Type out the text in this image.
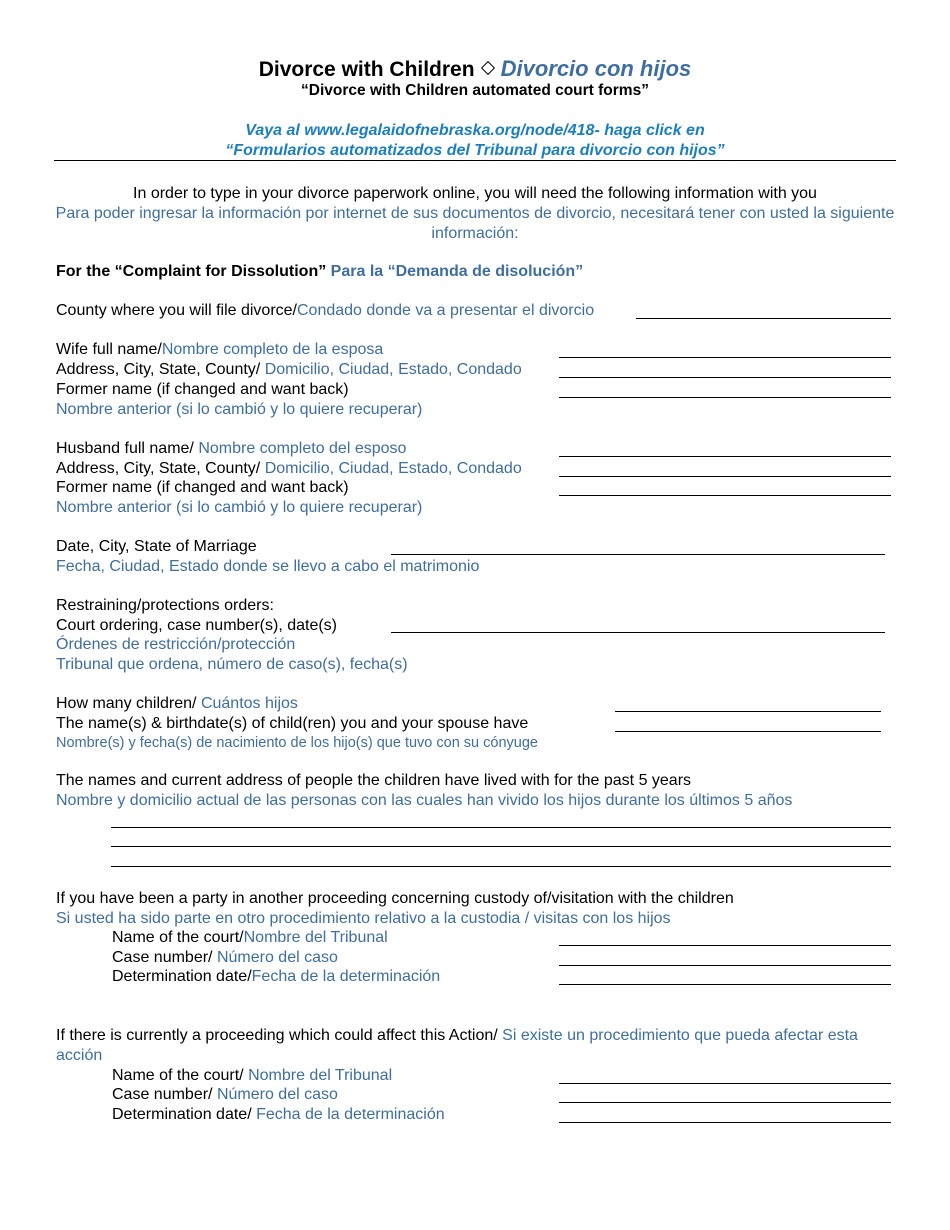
Divorce with Children Divorcio con hijos
“Divorce with Children automated court forms”
Vaya al www.legalaidofnebraska.org/node/418- haga click en “Formularios automatizados del Tribunal para divorcio con hijos”
In order to type in your divorce paperwork online, you will need the following information with you
Para poder ingresar la información por internet de sus documentos de divorcio, necesitará tener con usted la siguiente información:
For the “Complaint for Dissolution” Para la “Demanda de disolución”
County where you will file divorce/Condado donde va a presentar el divorcio
Wife full name/Nombre completo de la esposa
Address, City, State, County/ Domicilio, Ciudad, Estado, Condado
Former name (if changed and want back)
Nombre anterior (si lo cambió y lo quiere recuperar)
Husband full name/ Nombre completo del esposo
Address, City, State, County/ Domicilio, Ciudad, Estado, Condado
Former name (if changed and want back)
Nombre anterior (si lo cambió y lo quiere recuperar)
Date, City, State of Marriage
Fecha, Ciudad, Estado donde se llevo a cabo el matrimonio
Restraining/protections orders:
Court ordering, case number(s), date(s)
Órdenes de restricción/protección
Tribunal que ordena, número de caso(s), fecha(s)
How many children/ Cuántos hijos
The name(s) & birthdate(s) of child(ren) you and your spouse have
Nombre(s) y fecha(s) de nacimiento de los hijo(s) que tuvo con su cónyuge
The names and current address of people the children have lived with for the past 5 years
Nombre y domicilio actual de las personas con las cuales han vivido los hijos durante los últimos 5 años
If you have been a party in another proceeding concerning custody of/visitation with the children
Si usted ha sido parte en otro procedimiento relativo a la custodia / visitas con los hijos
Name of the court/Nombre del Tribunal
Case number/ Número del caso
Determination date/Fecha de la determinación
If there is currently a proceeding which could affect this Action/ Si existe un procedimiento que pueda afectar esta acción
Name of the court/ Nombre del Tribunal
Case number/ Número del caso
Determination date/ Fecha de la determinación
